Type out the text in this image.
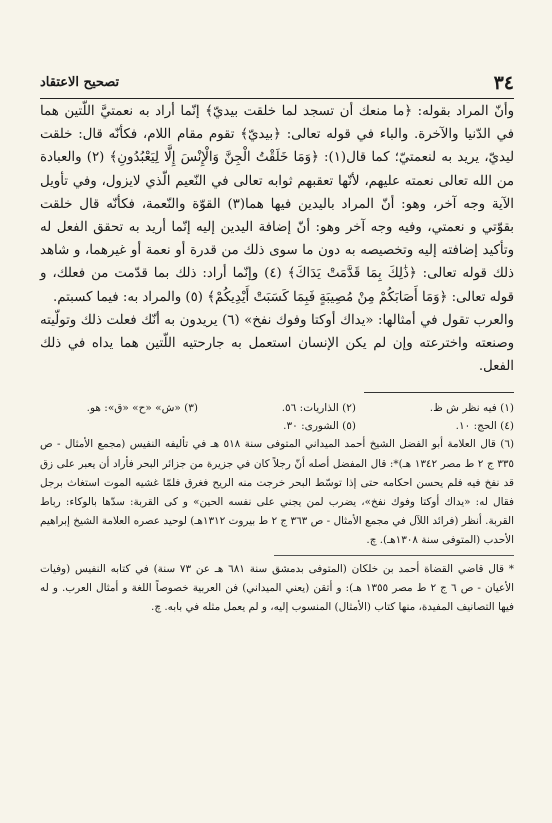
٣٤
تصحيح الاعتقاد

وأنّ المراد بقوله: ﴿ما منعك أن تسجد لما خلقت بيديّ﴾ إنّما أراد به نعمتيَّ اللّتين هما في الدّنيا والآخرة. والباء في قوله تعالى: ﴿بيديّ﴾ تقوم مقام اللام، فكأنّه قال: خلقت ليديّ، يريد به لنعمتيّ؛ كما قال(١): ﴿وَمَا خَلَقْتُ الْجِنَّ وَالْإِنْسَ إِلَّا لِيَعْبُدُونِ﴾ (٢) والعبادة من الله تعالى نعمته عليهم، لأنّها تعقبهم ثوابه تعالى في النّعيم الّذي لايزول، وفي تأويل الآية وجه آخر، وهو: أنّ المراد باليدين فيها هما(٣) القوّة والنّعمة، فكأنّه قال خلقت بقوّتي و نعمتي، وفيه وجه آخر وهو: أنّ إضافة اليدين إليه إنّما أريد به تحقق الفعل له وتأكيد إضافته إليه وتخصيصه به دون ما سوى ذلك من قدرة أو نعمة أو غيرهما، و شاهد ذلك قوله تعالى: ﴿ذَٰلِكَ بِمَا قَدَّمَتْ يَدَاكَ﴾ (٤) وإنّما أراد: ذلك بما قدّمت من فعلك، و قوله تعالى: ﴿وَمَا أَصَابَكُمْ مِنْ مُصِيبَةٍ فَبِمَا كَسَبَتْ أَيْدِيكُمْ﴾ (٥) والمراد به: فيما كسبتم.

والعرب تقول في أمثالها: «يداك أوكتا وفوك نفخ» (٦) يريدون به أنّك فعلت ذلك وتولّيته وصنعته واخترعته وإن لم يكن الإنسان استعمل به جارحتيه اللّتين هما يداه في ذلك الفعل.

(١) فيه نظر ش ظ.
(٢) الذاريات: ٥٦.
(٣) «ش» «ح» «ق»: هو.
(٤) الحج: ١٠.
(٥) الشورى: ٣٠.

(٦) قال العلامة أبو الفضل الشيخ أحمد الميداني المتوفى سنة ٥١٨ هـ في تأليفه النفيس (مجمع الأمثال - ص ٣٣٥ ج ٢ ط مصر ١٣٤٢ هـ)*: قال المفضل أصله أنّ رجلاً كان في جزيرة من جزائر البحر فأراد أن يعبر على زق قد نفخ فيه فلم يحسن احكامه حتى إذا توسّط البحر خرجت منه الريح فغرق فلمّا غشيه الموت استغاث برجل فقال له: «يداك أوكتا وفوك نفخ»، يضرب لمن يجني على نفسه الحين» و كى القربة: سدّها بالوكاء: رباط القربة. أنظر (فرائد اللآل في مجمع الأمثال - ص ٣٦٣ ج ٢ ط بيروت ١٣١٢هـ) لوحيد عصره العلامة الشيخ إبراهيم الأحدب (المتوفى سنة ١٣٠٨هـ). چ.

* قال قاضي القضاة أحمد بن خلكان (المتوفى بدمشق سنة ٦٨١ هـ عن ٧٣ سنة) في كتابه النفيس (وفيات الأعيان - ص ٦ ج ٢ ط مصر ١٣٥٥ هـ): و أتقن (يعني الميداني) فن العربية خصوصاً اللغة و أمثال العرب. و له فيها التصانيف المفيدة، منها كتاب (الأمثال) المنسوب إليه، و لم يعمل مثله في بابه. چ.
